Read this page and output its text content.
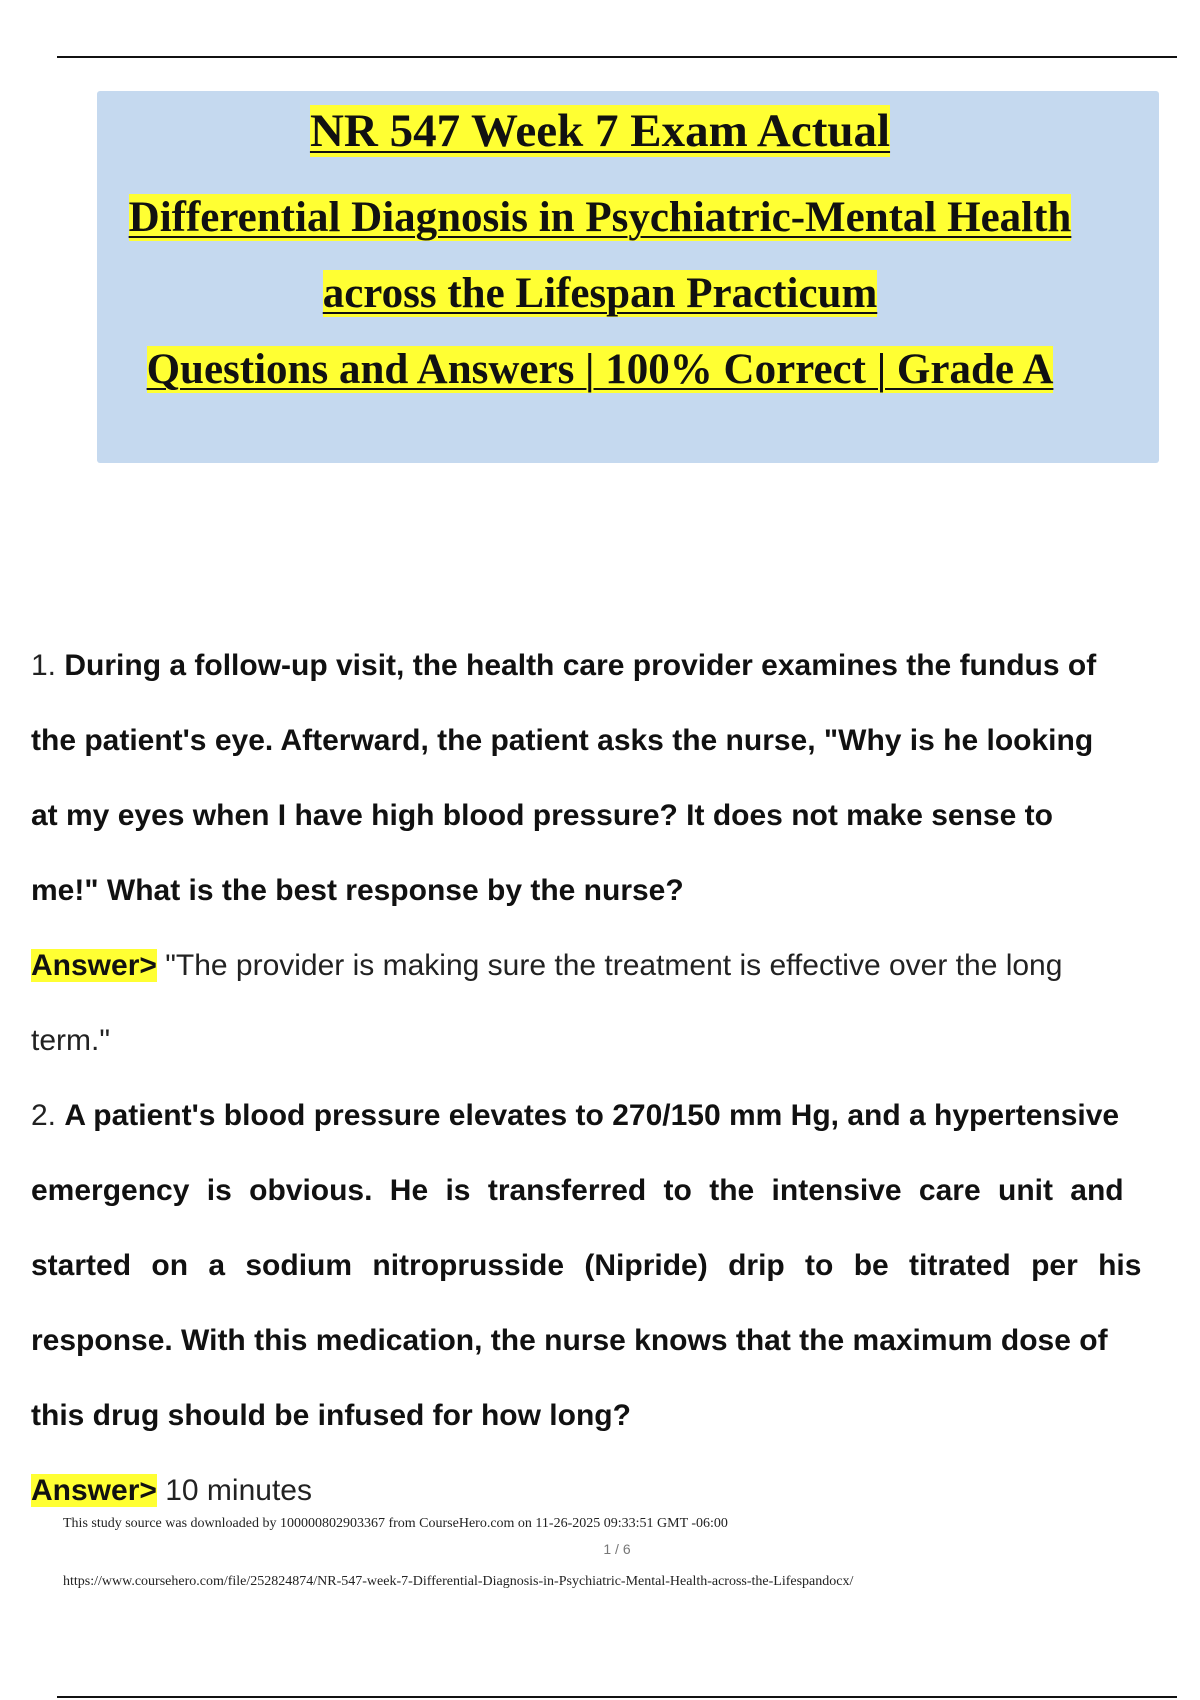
NR 547 Week 7 Exam Actual
Differential Diagnosis in Psychiatric-Mental Health
across the Lifespan Practicum
Questions and Answers | 100% Correct | Grade A
1. During a follow-up visit, the health care provider examines the fundus of
the patient's eye. Afterward, the patient asks the nurse, "Why is he looking
at my eyes when I have high blood pressure? It does not make sense to
me!" What is the best response by the nurse?
Answer> "The provider is making sure the treatment is effective over the long
term."
2. A patient's blood pressure elevates to 270/150 mm Hg, and a hypertensive
emergency is obvious. He is transferred to the intensive care unit and
started on a sodium nitroprusside (Nipride) drip to be titrated per his
response. With this medication, the nurse knows that the maximum dose of
this drug should be infused for how long?
Answer> 10 minutes
This study source was downloaded by 100000802903367 from CourseHero.com on 11-26-2025 09:33:51 GMT -06:00
1 / 6
https://www.coursehero.com/file/252824874/NR-547-week-7-Differential-Diagnosis-in-Psychiatric-Mental-Health-across-the-Lifespandocx/
